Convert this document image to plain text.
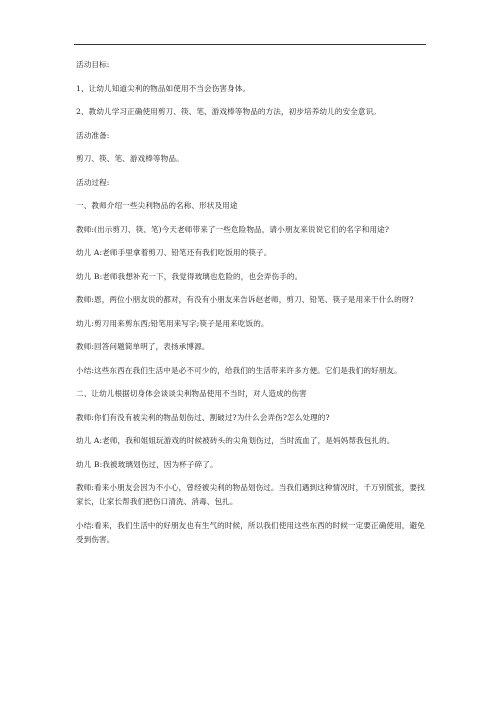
活动目标:

1、让幼儿知道尖利的物品如使用不当会伤害身体。

2、教幼儿学习正确使用剪刀、筷、笔、游戏棒等物品的方法，初步培养幼儿的安全意识。

活动准备:

剪刀、筷、笔、游戏棒等物品。

活动过程:

一、教师介绍一些尖利物品的名称、形状及用途

教师:(出示剪刀、筷、笔)今天老师带来了一些危险物品，请小朋友来说说它们的名字和用途?

幼儿 A:老师手里拿着剪刀、铅笔还有我们吃饭用的筷子。

幼儿 B:老师我想补充一下，我觉得玻璃也危险的，也会弄伤手的。

教师:恩，两位小朋友说的都对，有没有小朋友来告诉赵老师，剪刀、铅笔、筷子是用来干什么的呀?

幼儿:剪刀用来剪东西;铅笔用来写字;筷子是用来吃饭的。

教师:回答问题简单明了，表扬承博源。

小结:这些东西在我们生活中是必不可少的，给我们的生活带来许多方便。它们是我们的好朋友。

二、让幼儿根据切身体会谈谈尖利物品使用不当时，对人造成的伤害

教师:你们有没有被尖利的物品划伤过、割破过?为什么会弄伤?怎么处理的?

幼儿 A:老师，我和姐姐玩游戏的时候被砖头的尖角划伤过，当时流血了，是妈妈帮我包扎的。

幼儿 B:我被玻璃划伤过，因为杯子碎了。

教师:看来小朋友会因为不小心，曾经被尖利的物品划伤过。当我们遇到这种情况时，千万别慌张，要找家长，让家长帮我们把伤口清洗、消毒、包扎。

小结:看来，我们生活中的好朋友也有生气的时候，所以我们使用这些东西的时候一定要正确使用，避免受到伤害。
